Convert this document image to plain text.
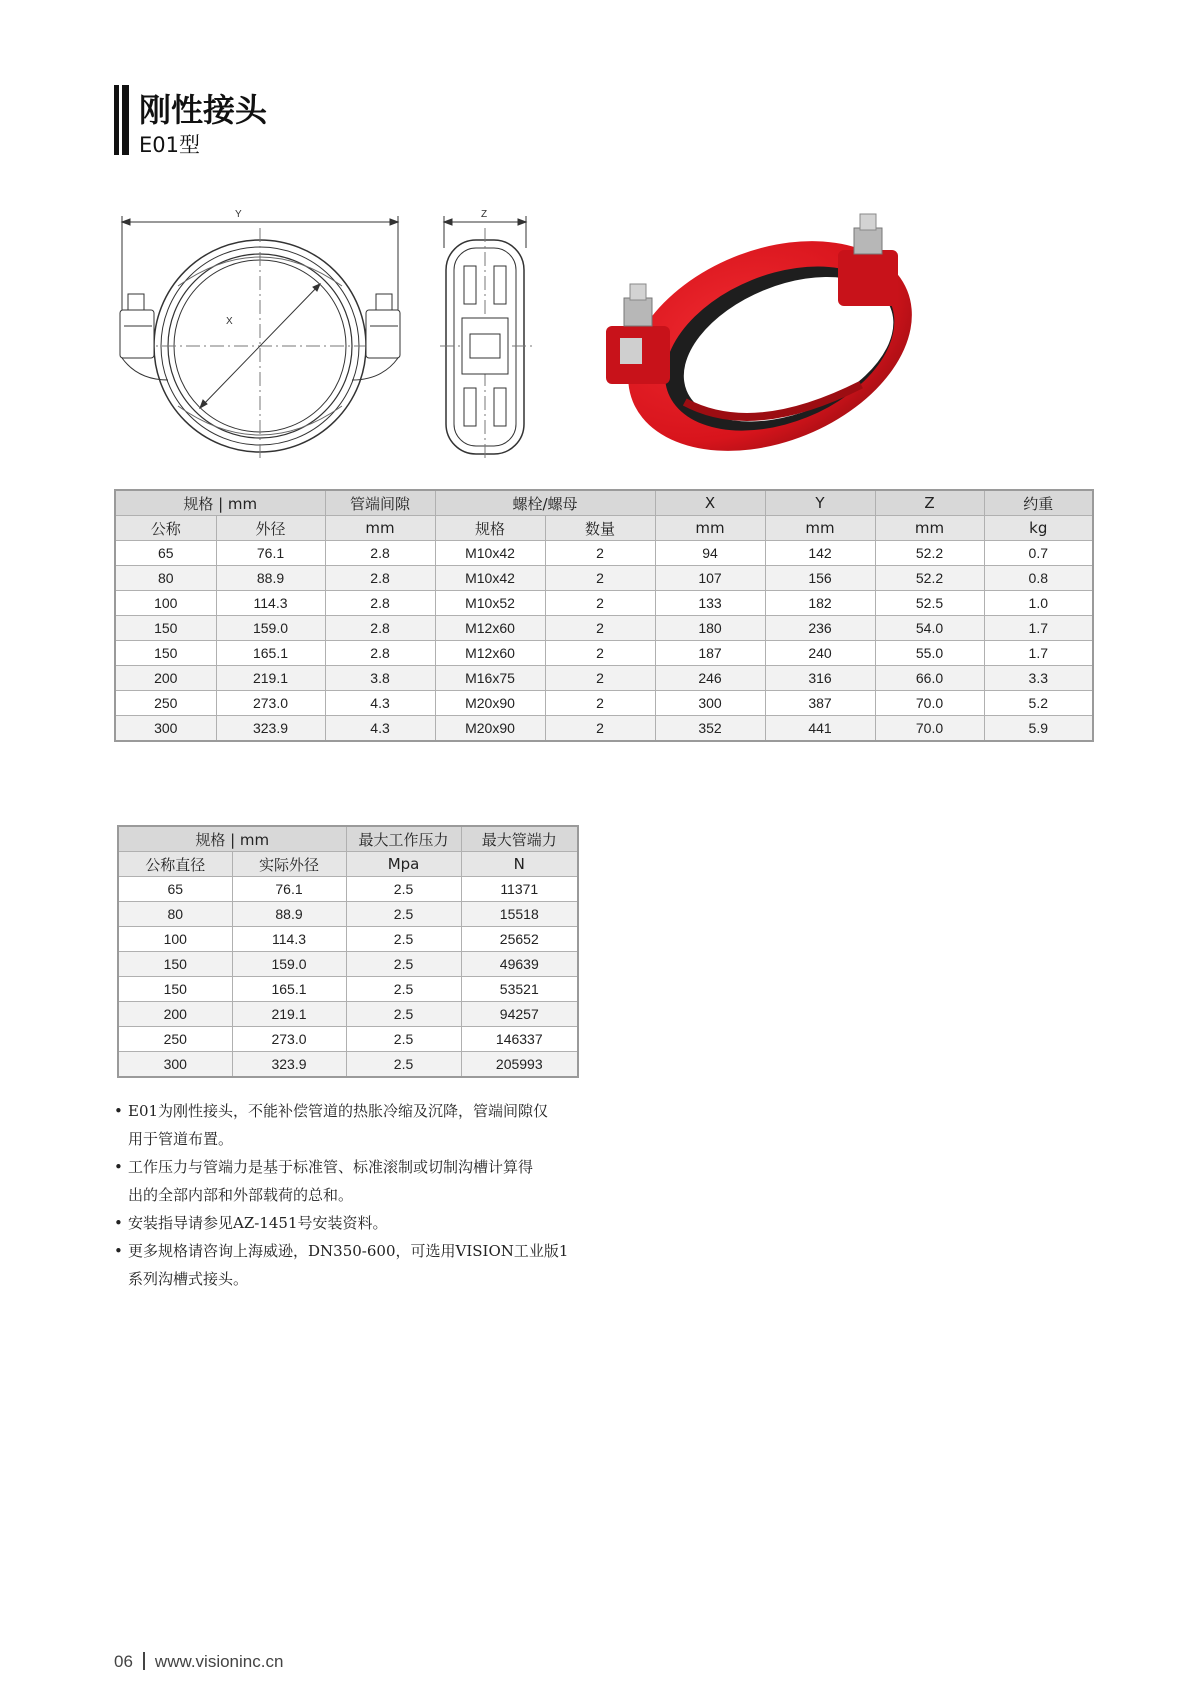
刚性接头
E01型
Y
X
Z
规格 | mm		管端间隙	螺栓/螺母		X	Y	Z	约重
公称	外径	mm	规格	数量	mm	mm	mm	kg
65	76.1	2.8	M10x42	2	94	142	52.2	0.7
80	88.9	2.8	M10x42	2	107	156	52.2	0.8
100	114.3	2.8	M10x52	2	133	182	52.5	1.0
150	159.0	2.8	M12x60	2	180	236	54.0	1.7
150	165.1	2.8	M12x60	2	187	240	55.0	1.7
200	219.1	3.8	M16x75	2	246	316	66.0	3.3
250	273.0	4.3	M20x90	2	300	387	70.0	5.2
300	323.9	4.3	M20x90	2	352	441	70.0	5.9
规格 | mm		最大工作压力	最大管端力
公称直径	实际外径	Mpa	N
65	76.1	2.5	11371
80	88.9	2.5	15518
100	114.3	2.5	25652
150	159.0	2.5	49639
150	165.1	2.5	53521
200	219.1	2.5	94257
250	273.0	2.5	146337
300	323.9	2.5	205993
• E01为刚性接头，不能补偿管道的热胀冷缩及沉降，管端间隙仅
用于管道布置。
• 工作压力与管端力是基于标准管、标准滚制或切制沟槽计算得
出的全部内部和外部载荷的总和。
• 安装指导请参见AZ-1451号安装资料。
• 更多规格请咨询上海威逊，DN350-600，可选用VISION工业版1
系列沟槽式接头。
06 www.visioninc.cn
